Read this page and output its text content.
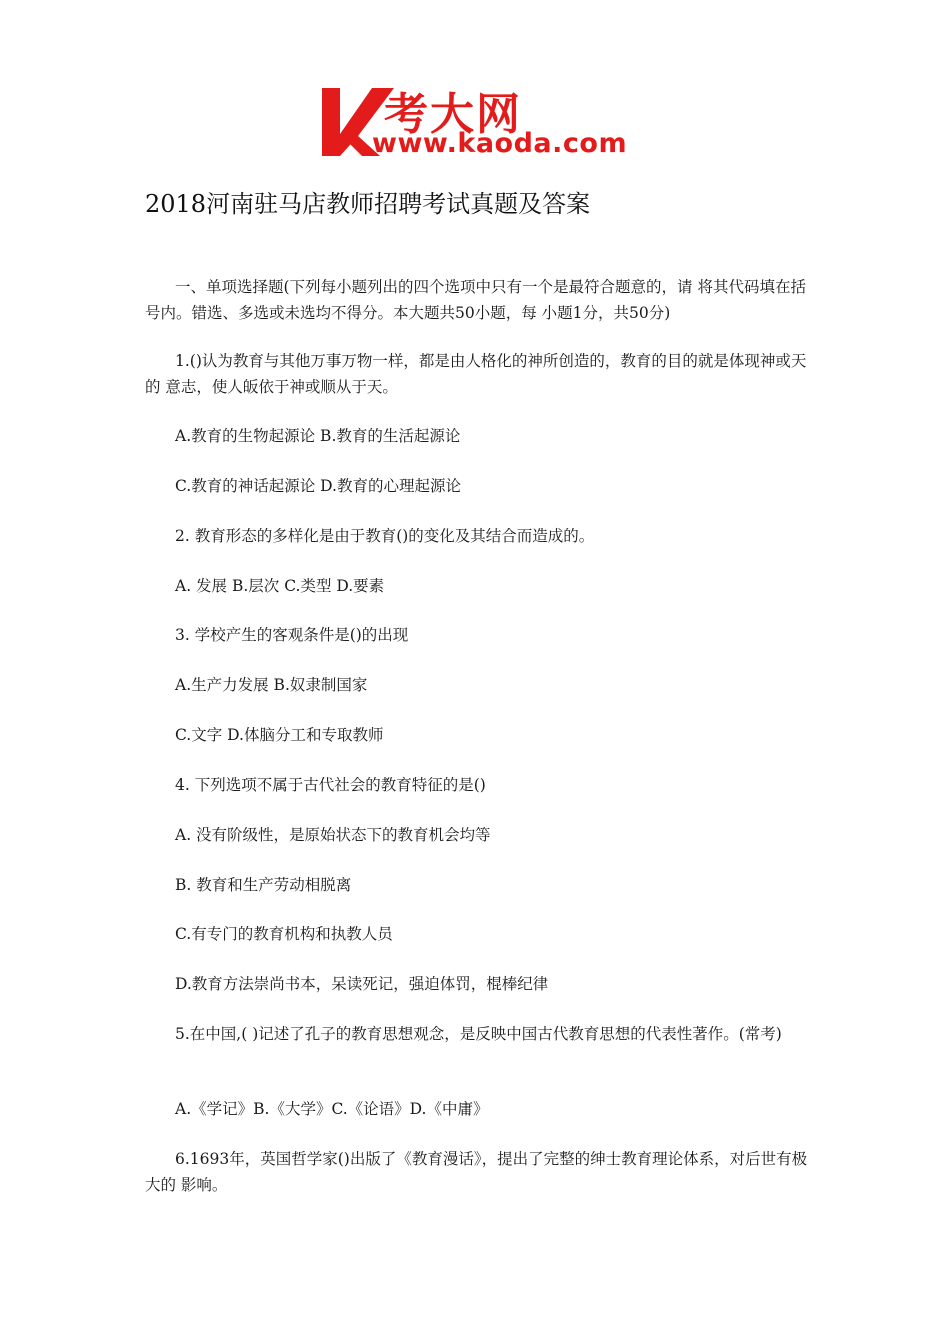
考大网
www.kaoda.com
2018河南驻马店教师招聘考试真题及答案

一、单项选择题(下列每小题列出的四个选项中只有一个是最符合题意的，请 将其代码填在括号内。错选、多选或未选均不得分。本大题共50小题，每 小题1分，共50分)

1.()认为教育与其他万事万物一样，都是由人格化的神所创造的，教育的目的就是体现神或天的 意志，使人皈依于神或顺从于天。

A.教育的生物起源论 B.教育的生活起源论

C.教育的神话起源论 D.教育的心理起源论

2. 教育形态的多样化是由于教育()的变化及其结合而造成的。

A. 发展 B.层次 C.类型 D.要素

3. 学校产生的客观条件是()的出现

A.生产力发展 B.奴隶制国家

C.文字 D.体脑分工和专取教师

4. 下列选项不属于古代社会的教育特征的是()

A. 没有阶级性，是原始状态下的教育机会均等

B. 教育和生产劳动相脱离

C.有专门的教育机构和执教人员

D.教育方法崇尚书本，呆读死记，强迫体罚，棍棒纪律

5.在中国,( )记述了孔子的教育思想观念，是反映中国古代教育思想的代表性著作。(常考)

A.《学记》B.《大学》C.《论语》D.《中庸》

6.1693年，英国哲学家()出版了《教育漫话》，提出了完整的绅士教育理论体系，对后世有极大的 影响。
